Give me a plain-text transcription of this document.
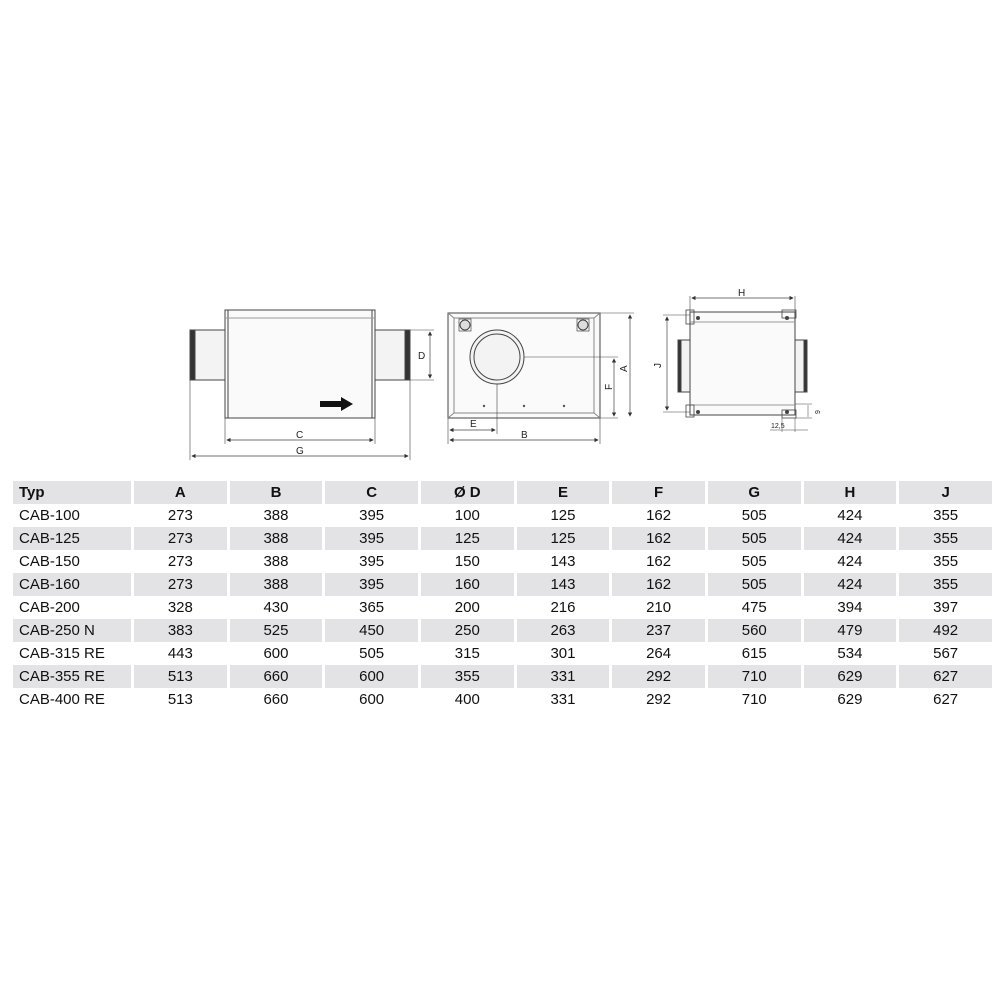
C
G
D
F
A
E
B
H
J
9
12,5
Typ	A	B	C	Ø D	E	F	G	H	J
CAB-100	273	388	395	100	125	162	505	424	355
CAB-125	273	388	395	125	125	162	505	424	355
CAB-150	273	388	395	150	143	162	505	424	355
CAB-160	273	388	395	160	143	162	505	424	355
CAB-200	328	430	365	200	216	210	475	394	397
CAB-250 N	383	525	450	250	263	237	560	479	492
CAB-315 RE	443	600	505	315	301	264	615	534	567
CAB-355 RE	513	660	600	355	331	292	710	629	627
CAB-400 RE	513	660	600	400	331	292	710	629	627
